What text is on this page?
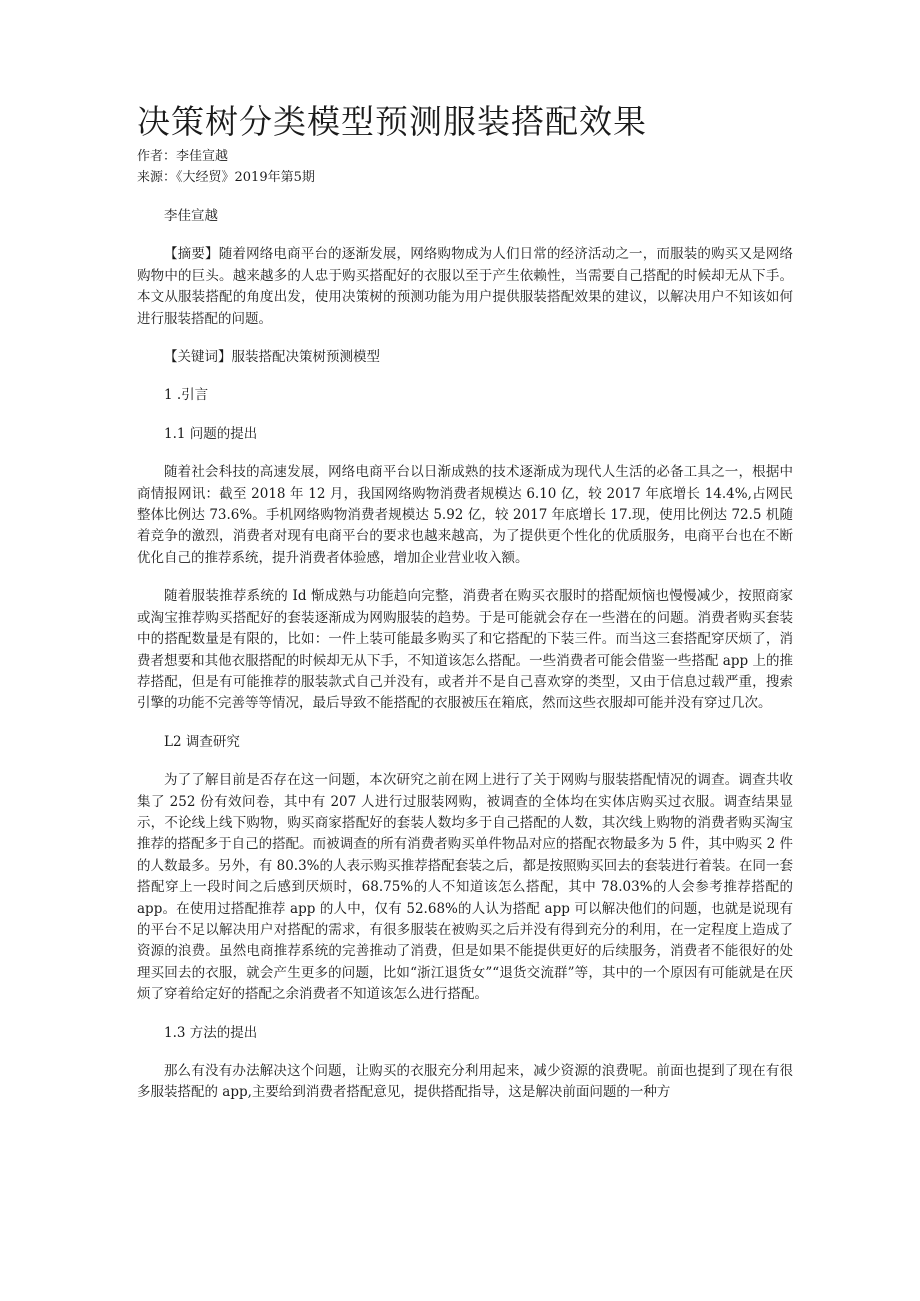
决策树分类模型预测服装搭配效果

作者：李佳宣越

来源：《大经贸》2019年第5期

李佳宣越

【摘要】随着网络电商平台的逐渐发展，网络购物成为人们日常的经济活动之一，而服装的购买又是网络购物中的巨头。越来越多的人忠于购买搭配好的衣服以至于产生依赖性，当需要自己搭配的时候却无从下手。本文从服装搭配的角度出发，使用决策树的预测功能为用户提供服装搭配效果的建议，以解决用户不知该如何进行服装搭配的问题。

【关键词】服装搭配决策树预测模型

1 .引言

1.1 问题的提出

随着社会科技的高速发展，网络电商平台以日渐成熟的技术逐渐成为现代人生活的必备工具之一，根据中商情报网讯：截至 2018 年 12 月，我国网络购物消费者规模达 6.10 亿，较 2017 年底增长 14.4%,占网民整体比例达 73.6%。手机网络购物消费者规模达 5.92 亿，较 2017 年底增长 17.现，使用比例达 72.5 机随着竞争的激烈，消费者对现有电商平台的要求也越来越高，为了提供更个性化的优质服务，电商平台也在不断优化自己的推荐系统，提升消费者体验感，增加企业营业收入额。

随着服装推荐系统的 Id 惭成熟与功能趋向完整，消费者在购买衣服时的搭配烦恼也慢慢减少，按照商家或淘宝推荐购买搭配好的套装逐渐成为网购服装的趋势。于是可能就会存在一些潜在的问题。消费者购买套装中的搭配数量是有限的，比如：一件上装可能最多购买了和它搭配的下装三件。而当这三套搭配穿厌烦了，消费者想要和其他衣服搭配的时候却无从下手，不知道该怎么搭配。一些消费者可能会借鉴一些搭配 app 上的推荐搭配，但是有可能推荐的服装款式自己并没有，或者并不是自己喜欢穿的类型，又由于信息过载严重，搜索引擎的功能不完善等等情况，最后导致不能搭配的衣服被压在箱底，然而这些衣服却可能并没有穿过几次。

L2 调查研究

为了了解目前是否存在这一问题，本次研究之前在网上进行了关于网购与服装搭配情况的调查。调查共收集了 252 份有效问卷，其中有 207 人进行过服装网购，被调查的全体均在实体店购买过衣服。调查结果显示，不论线上线下购物，购买商家搭配好的套装人数均多于自己搭配的人数，其次线上购物的消费者购买淘宝推荐的搭配多于自己的搭配。而被调查的所有消费者购买单件物品对应的搭配衣物最多为 5 件，其中购买 2 件的人数最多。另外，有 80.3%的人表示购买推荐搭配套装之后，都是按照购买回去的套装进行着装。在同一套搭配穿上一段时间之后感到厌烦时，68.75%的人不知道该怎么搭配，其中 78.03%的人会参考推荐搭配的 app。在使用过搭配推荐 app 的人中，仅有 52.68%的人认为搭配 app 可以解决他们的问题，也就是说现有的平台不足以解决用户对搭配的需求，有很多服装在被购买之后并没有得到充分的利用，在一定程度上造成了资源的浪费。虽然电商推荐系统的完善推动了消费，但是如果不能提供更好的后续服务，消费者不能很好的处理买回去的衣服，就会产生更多的问题，比如“浙江退货女”“退货交流群”等，其中的一个原因有可能就是在厌烦了穿着给定好的搭配之余消费者不知道该怎么进行搭配。

1.3 方法的提出

那么有没有办法解决这个问题，让购买的衣服充分利用起来，减少资源的浪费呢。前面也提到了现在有很多服装搭配的 app,主要给到消费者搭配意见，提供搭配指导，这是解决前面问题的一种方
